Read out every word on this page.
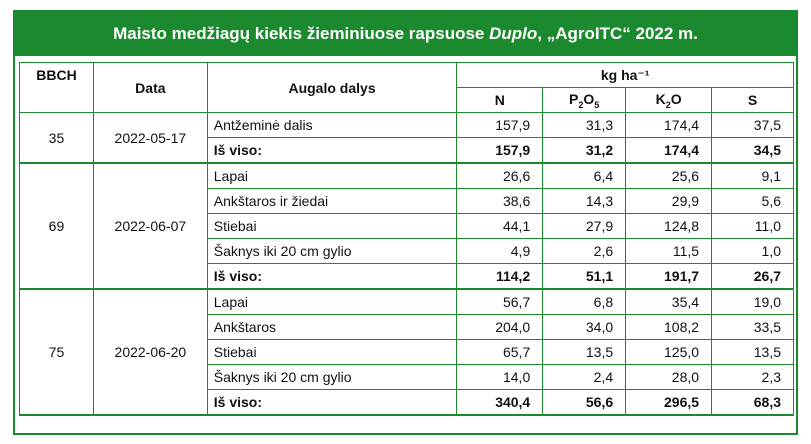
Maisto medžiagų kiekis žieminiuose rapsuose
Duplo , „AgroITC“ 2022 m.
BBCH	Data	Augalo dalys	kg ha⁻¹			
			N	$P_2O_5$	$K_2O$	S
35	2022-05-17	Antžeminė dalis	157,9	31,3	174,4	37,5
		Iš viso:	157,9	31,2	174,4	34,5
69	2022-06-07	Lapai	26,6	6,4	25,6	9,1
		Ankštaros ir žiedai	38,6	14,3	29,9	5,6
		Stiebai	44,1	27,9	124,8	11,0
		Šaknys iki 20 cm gylio	4,9	2,6	11,5	1,0
		Iš viso:	114,2	51,1	191,7	26,7
75	2022-06-20	Lapai	56,7	6,8	35,4	19,0
		Ankštaros	204,0	34,0	108,2	33,5
		Stiebai	65,7	13,5	125,0	13,5
		Šaknys iki 20 cm gylio	14,0	2,4	28,0	2,3
		Iš viso:	340,4	56,6	296,5	68,3
